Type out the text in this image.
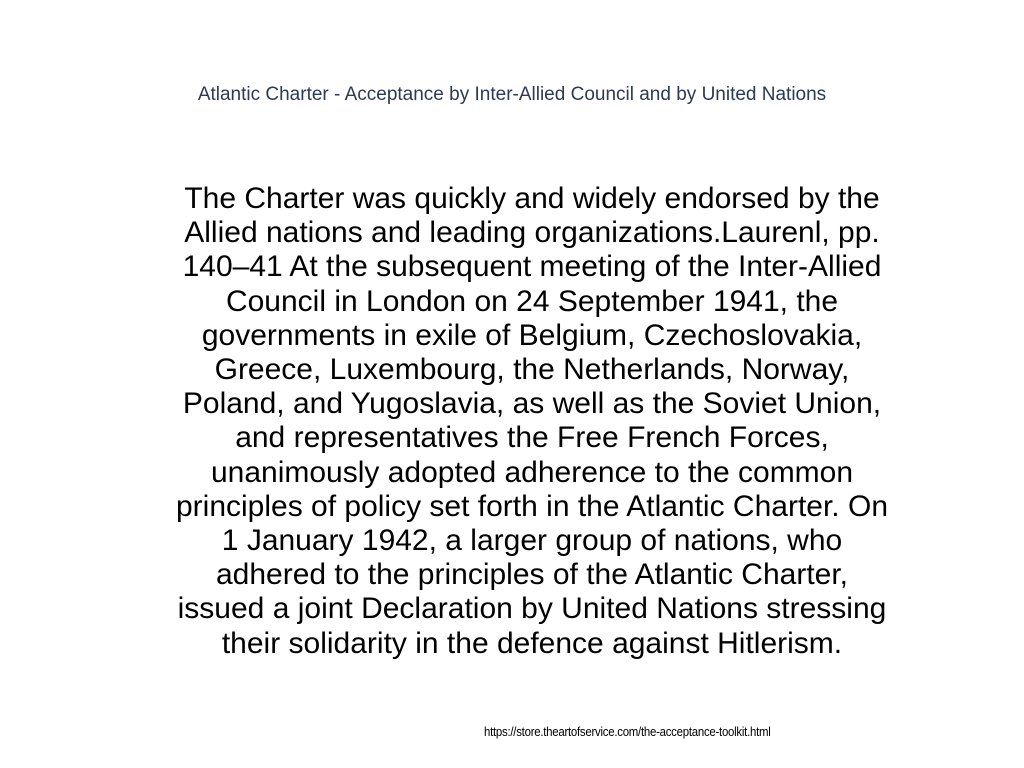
Atlantic Charter - Acceptance by Inter-Allied Council and by United Nations
The Charter was quickly and widely endorsed by the
Allied nations and leading organizations.Laurenl, pp.
140–41 At the subsequent meeting of the Inter-Allied
Council in London on 24 September 1941, the
governments in exile of Belgium, Czechoslovakia,
Greece, Luxembourg, the Netherlands, Norway,
Poland, and Yugoslavia, as well as the Soviet Union,
and representatives the Free French Forces,
unanimously adopted adherence to the common
principles of policy set forth in the Atlantic Charter. On
1 January 1942, a larger group of nations, who
adhered to the principles of the Atlantic Charter,
issued a joint Declaration by United Nations stressing
their solidarity in the defence against Hitlerism.
https://store.theartofservice.com/the-acceptance-toolkit.html
